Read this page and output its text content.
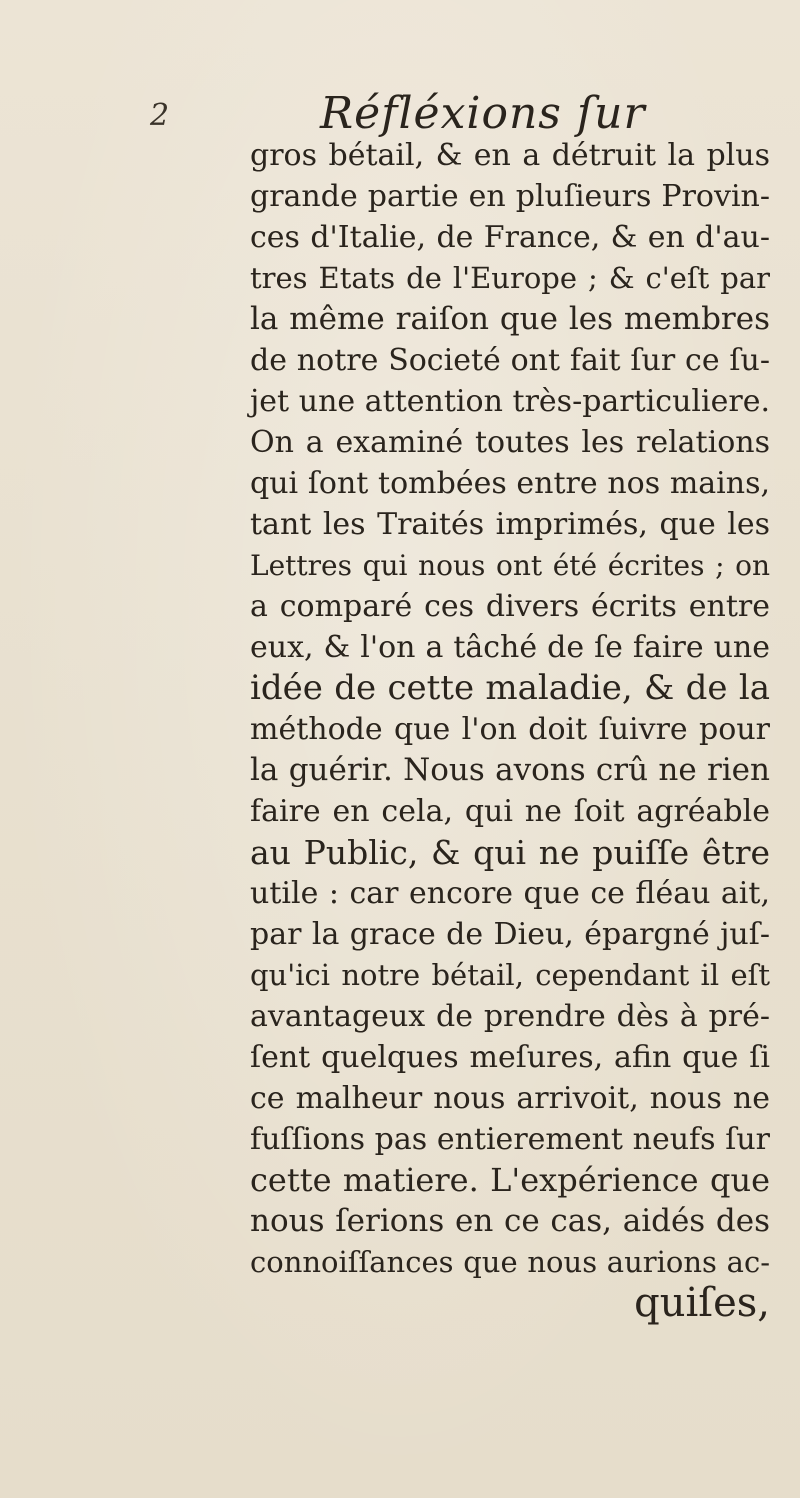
2	Réfléxions ſur
gros bétail, & en a détruit la plus
grande partie en pluſieurs Provin-
ces d'Italie, de France, & en d'au-
tres Etats de l'Europe ; & c'eſt par
la même raiſon que les membres
de notre Societé ont fait ſur ce ſu-
jet une attention très-particuliere.
On a examiné toutes les relations
qui ſont tombées entre nos mains,
tant les Traités imprimés, que les
Lettres qui nous ont été écrites ; on
a comparé ces divers écrits entre
eux, & l'on a tâché de ſe faire une
idée de cette maladie, & de la
méthode que l'on doit ſuivre pour
la guérir. Nous avons crû ne rien
faire en cela, qui ne ſoit agréable
au Public, & qui ne puiſſe être
utile : car encore que ce fléau ait,
par la grace de Dieu, épargné juſ-
qu'ici notre bétail, cependant il eſt
avantageux de prendre dès à pré-
ſent quelques meſures, afin que ſi
ce malheur nous arrivoit, nous ne
fuſſions pas entierement neufs ſur
cette matiere. L'expérience que
nous ſerions en ce cas, aidés des
connoiſſances que nous aurions ac-
quiſes,
